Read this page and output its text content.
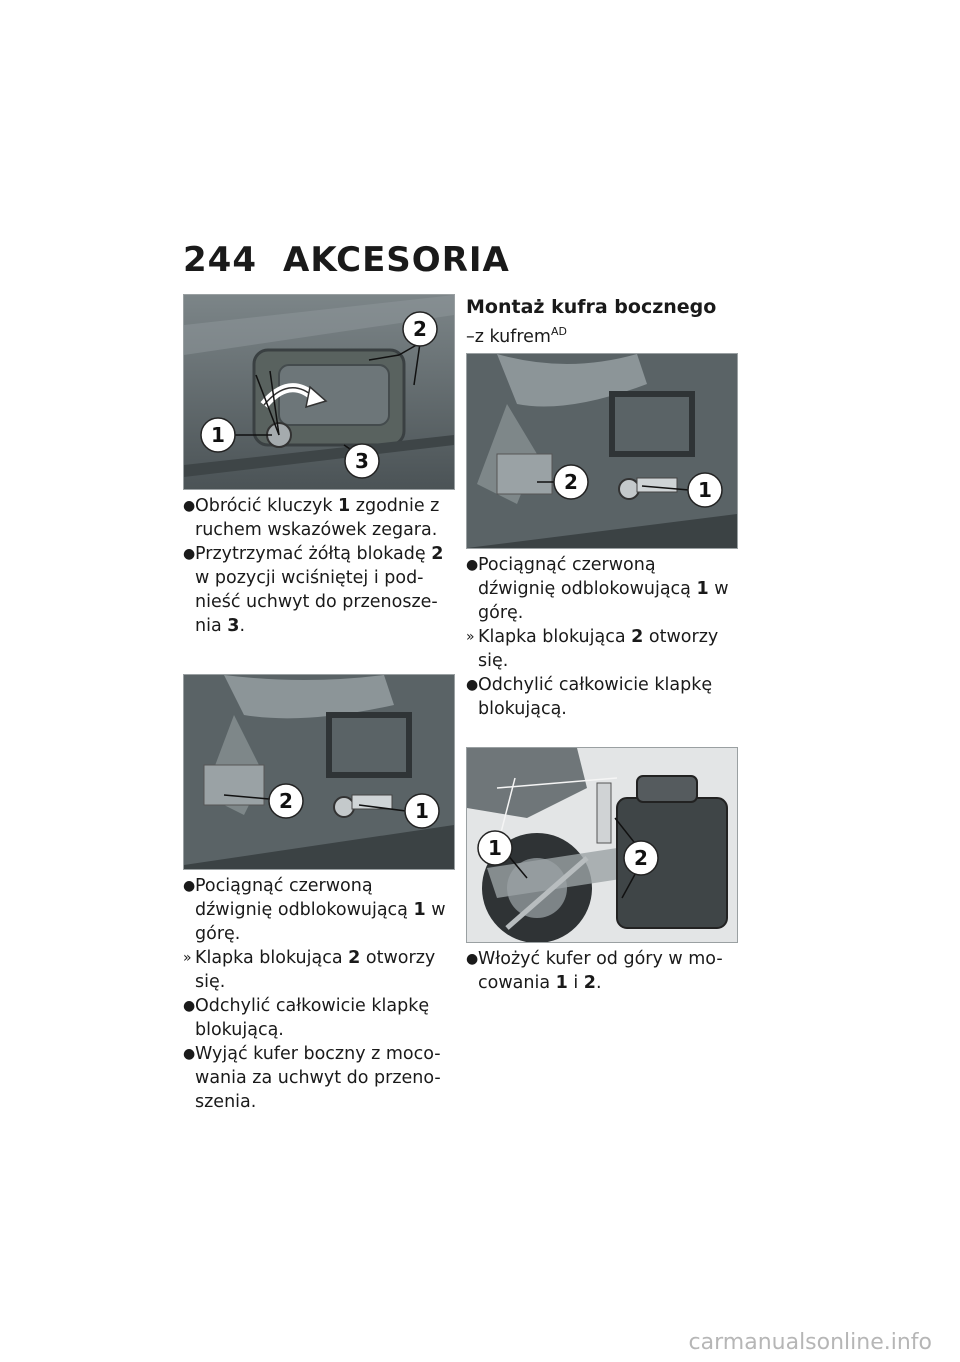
244 AKCESORIA
1
2
3
● Obrócić kluczyk 1 zgodnie z ruchem wskazówek zegara.
● Przytrzymać żółtą blokadę 2 w pozycji wciśniętej i pod-nieść uchwyt do przenosze-nia 3.
2	1
● Pociągnąć czerwoną dźwignię odblokowującą 1 w górę.
» Klapka blokująca 2 otworzy się.
● Odchylić całkowicie klapkę blokującą.
● Wyjąć kufer boczny z moco-wania za uchwyt do przeno-szenia.

Montaż kufra bocznego

–z kufrem$^{AD}$

2	1
● Pociągnąć czerwoną dźwignię odblokowującą 1 w górę.
» Klapka blokująca 2 otworzy się.
● Odchylić całkowicie klapkę blokującą.
1	2
● Włożyć kufer od góry w mo-cowania 1 i 2.
carmanualsonline.info
